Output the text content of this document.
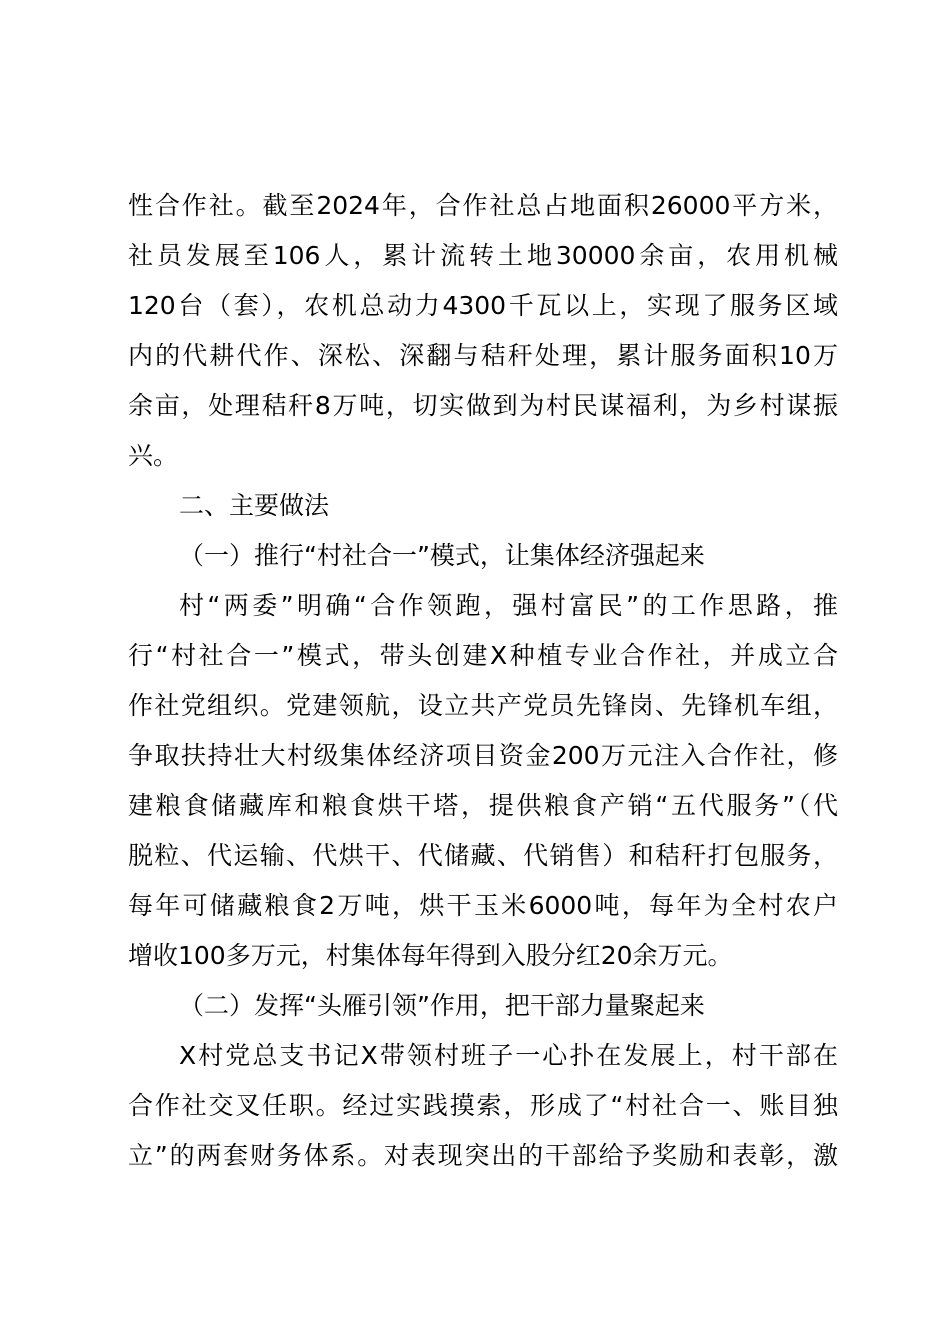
性合作社。截至2024年，合作社总占地面积26000平方米，
社员发展至106人，累计流转土地30000余亩，农用机械
120台（套），农机总动力4300千瓦以上，实现了服务区域
内的代耕代作、深松、深翻与秸秆处理，累计服务面积10万
余亩，处理秸秆8万吨，切实做到为村民谋福利，为乡村谋振
兴。
二、主要做法
（一）推行“村社合一”模式，让集体经济强起来
村“两委”明确“合作领跑，强村富民”的工作思路，推
行“村社合一”模式，带头创建X种植专业合作社，并成立合
作社党组织。党建领航，设立共产党员先锋岗、先锋机车组，
争取扶持壮大村级集体经济项目资金200万元注入合作社，修
建粮食储藏库和粮食烘干塔，提供粮食产销“五代服务”（代
脱粒、代运输、代烘干、代储藏、代销售）和秸秆打包服务，
每年可储藏粮食2万吨，烘干玉米6000吨，每年为全村农户
增收100多万元，村集体每年得到入股分红20余万元。
（二）发挥“头雁引领”作用，把干部力量聚起来
X村党总支书记X带领村班子一心扑在发展上，村干部在
合作社交叉任职。经过实践摸索，形成了“村社合一、账目独
立”的两套财务体系。对表现突出的干部给予奖励和表彰，激
